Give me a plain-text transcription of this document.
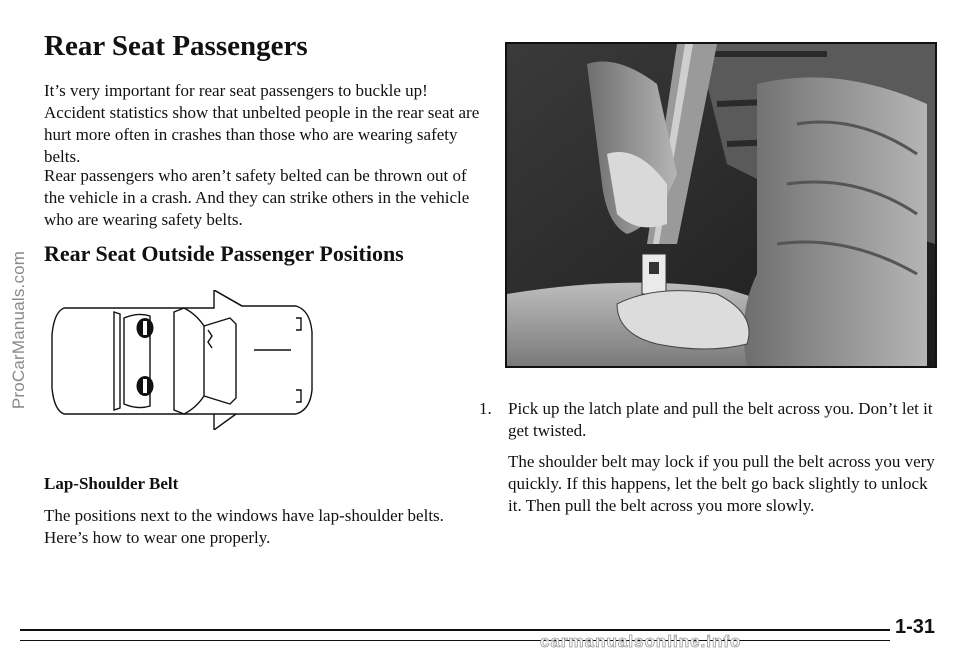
ProCarManuals.com
Rear Seat Passengers

It’s very important for rear seat passengers to buckle up! Accident statistics show that unbelted people in the rear seat are hurt more often in crashes than those who are wearing safety belts.

Rear passengers who aren’t safety belted can be thrown out of the vehicle in a crash. And they can strike others in the vehicle who are wearing safety belts.

Rear Seat Outside Passenger Positions
Lap-Shoulder Belt

The positions next to the windows have lap-shoulder belts. Here’s how to wear one properly.

1. Pick up the latch plate and pull the belt across you. Don’t let it get twisted.

The shoulder belt may lock if you pull the belt across you very quickly. If this happens, let the belt go back slightly to unlock it. Then pull the belt across you more slowly.

1-31
carmanualsonline.info
